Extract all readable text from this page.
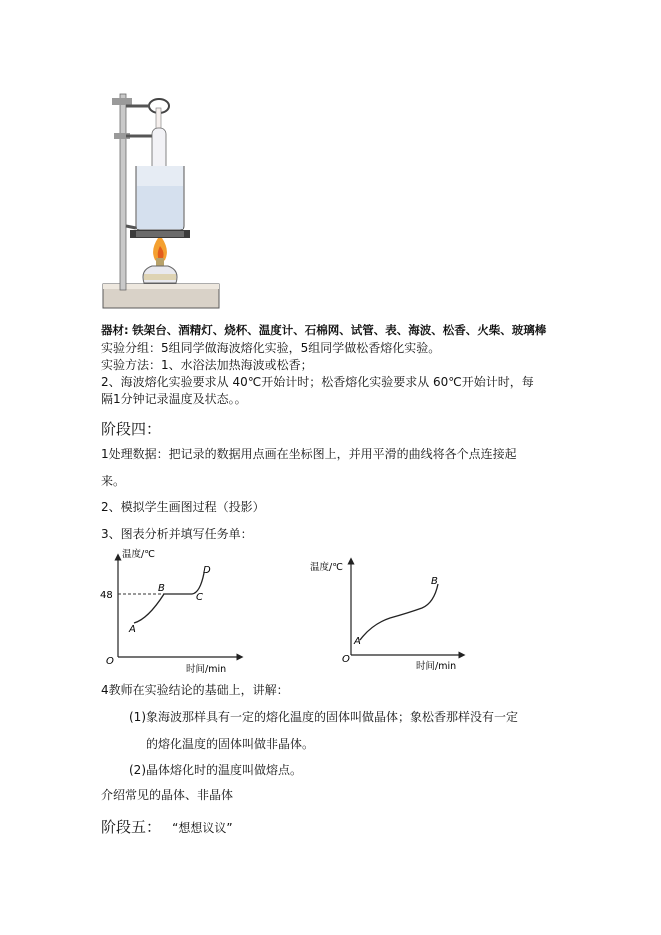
器材: 铁架台、酒精灯、烧杯、温度计、石棉网、试管、表、海波、松香、火柴、玻璃棒
实验分组：5组同学做海波熔化实验，5组同学做松香熔化实验。
实验方法：1、水浴法加热海波或松香；
2、海波熔化实验要求从 40℃开始计时；松香熔化实验要求从 60℃开始计时，每
隔1分钟记录温度及状态。。
阶段四：
1处理数据：把记录的数据用点画在坐标图上，并用平滑的曲线将各个点连接起
来。
2、模拟学生画图过程（投影）
3、图表分析并填写任务单：
温度/℃
时间/min
O
48
A
B
C
D	温度/℃
时间/min
O
A
B
4教师在实验结论的基础上，讲解：
(1)象海波那样具有一定的熔化温度的固体叫做晶体；象松香那样没有一定
的熔化温度的固体叫做非晶体。
(2)晶体熔化时的温度叫做熔点。
介绍常见的晶体、非晶体
阶段五： “想想议议”
